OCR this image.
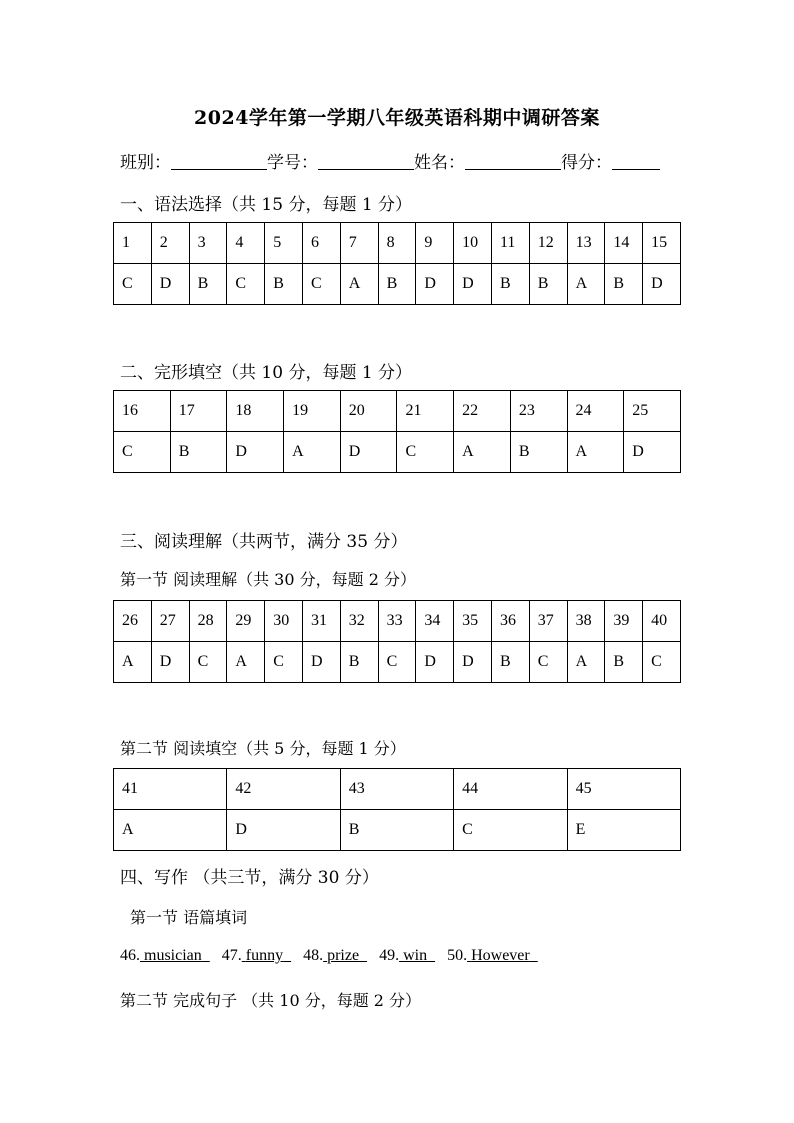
2024学年第一学期八年级英语科期中调研答案
班别：	学号：	姓名：	得分：
一、语法选择（共 15 分，每题 1 分）
1	2	3	4	5	6	7	8	9	10	11	12	13	14	15
C	D	B	C	B	C	A	B	D	D	B	B	A	B	D
二、完形填空（共 10 分，每题 1 分）
16	17	18	19	20	21	22	23	24	25
C	B	D	A	D	C	A	B	A	D
三、阅读理解（共两节，满分 35 分）
第一节 阅读理解（共 30 分，每题 2 分）
26	27	28	29	30	31	32	33	34	35	36	37	38	39	40
A	D	C	A	C	D	B	C	D	D	B	C	A	B	C
第二节 阅读填空（共 5 分，每题 1 分）
41	42	43	44	45
A	D	B	C	E
四、写作 （共三节，满分 30 分）
第一节 语篇填词
46. musician 47. funny 48. prize 49. win 50. However
第二节 完成句子 （共 10 分，每题 2 分）
